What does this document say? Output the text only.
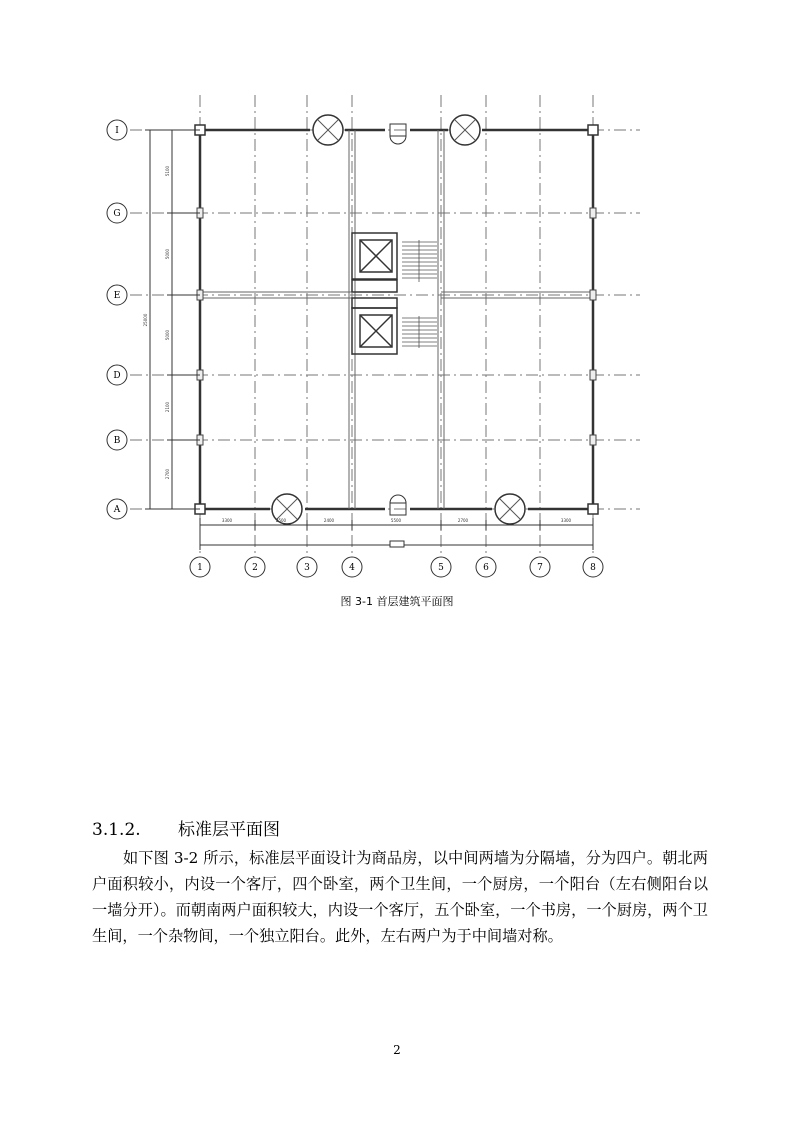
I
G
E
D
B
A
1	2	3	4	5	6	7	8
3300	2500	2400	5500	2700	3300
5100
5000
5000
2100
2700
25000
图 3-1 首层建筑平面图
3.1.2. 标准层平面图
如下图 3-2 所示，标准层平面设计为商品房，以中间两墙为分隔墙，分为四户。朝北两户面积较小，内设一个客厅，四个卧室，两个卫生间，一个厨房，一个阳台（左右侧阳台以一墙分开）。而朝南两户面积较大，内设一个客厅，五个卧室，一个书房，一个厨房，两个卫生间，一个杂物间，一个独立阳台。此外，左右两户为于中间墙对称。
2
